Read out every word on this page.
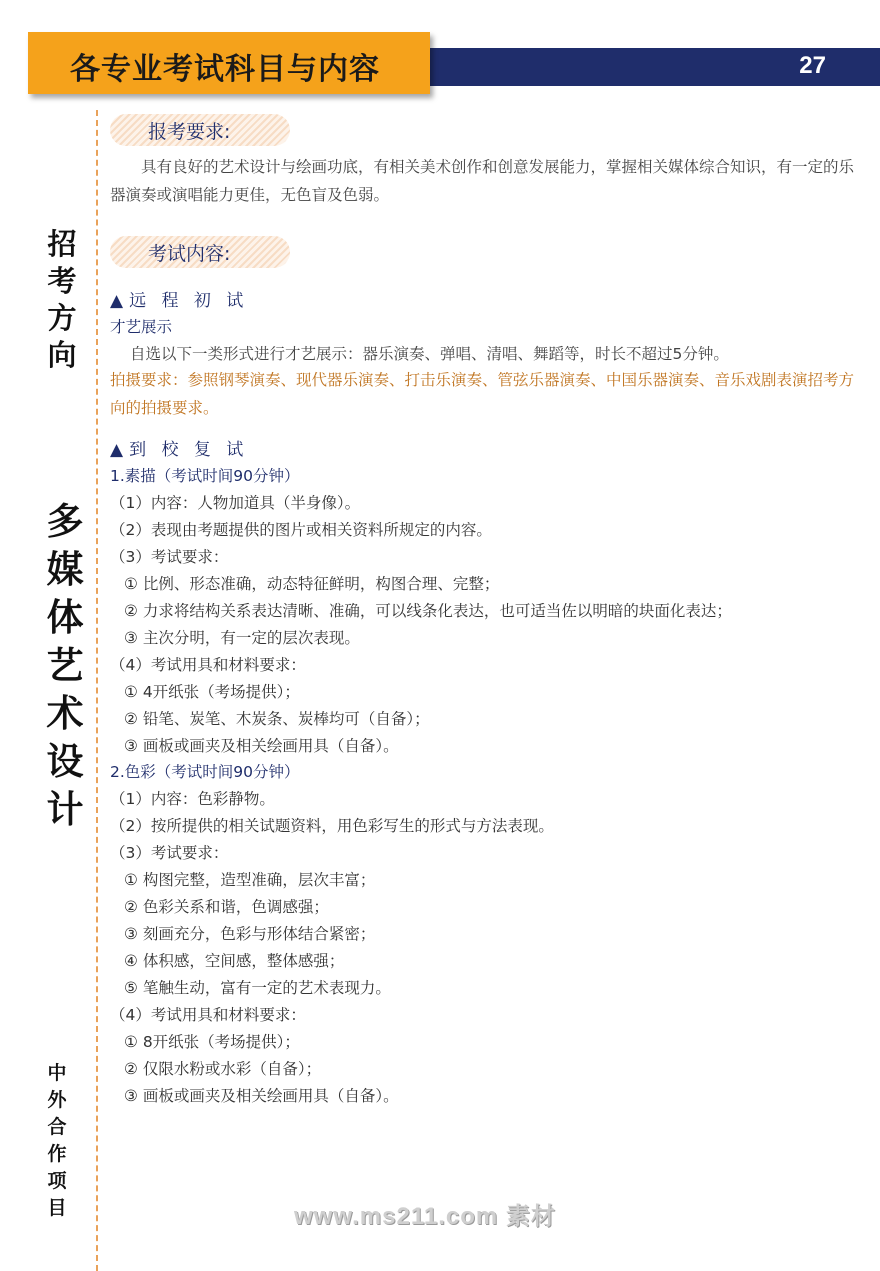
27
各专业考试科目与内容
招
考
方
向
多
媒
体
艺
术
设
计
中
外
合
作
项
目
报考要求:
具有良好的艺术设计与绘画功底，有相关美术创作和创意发展能力，掌握相关媒体综合知识，有一定的乐器演奏或演唱能力更佳，无色盲及色弱。
考试内容:
▲ 远 程 初 试
才艺展示
自选以下一类形式进行才艺展示：器乐演奏、弹唱、清唱、舞蹈等，时长不超过5分钟。
拍摄要求：参照钢琴演奏、现代器乐演奏、打击乐演奏、管弦乐器演奏、中国乐器演奏、音乐戏剧表演招考方向的拍摄要求。
▲ 到 校 复 试
1.素描（考试时间90分钟）
（1）内容：人物加道具（半身像）。
（2）表现由考题提供的图片或相关资料所规定的内容。
（3）考试要求：
① 比例、形态准确，动态特征鲜明，构图合理、完整；
② 力求将结构关系表达清晰、准确，可以线条化表达，也可适当佐以明暗的块面化表达；
③ 主次分明，有一定的层次表现。
（4）考试用具和材料要求：
① 4开纸张（考场提供）；
② 铅笔、炭笔、木炭条、炭棒均可（自备）；
③ 画板或画夹及相关绘画用具（自备）。
2.色彩（考试时间90分钟）
（1）内容：色彩静物。
（2）按所提供的相关试题资料，用色彩写生的形式与方法表现。
（3）考试要求：
① 构图完整，造型准确，层次丰富；
② 色彩关系和谐，色调感强；
③ 刻画充分，色彩与形体结合紧密；
④ 体积感，空间感，整体感强；
⑤ 笔触生动，富有一定的艺术表现力。
（4）考试用具和材料要求：
① 8开纸张（考场提供）；
② 仅限水粉或水彩（自备）；
③ 画板或画夹及相关绘画用具（自备）。
www.ms211.com 素材
